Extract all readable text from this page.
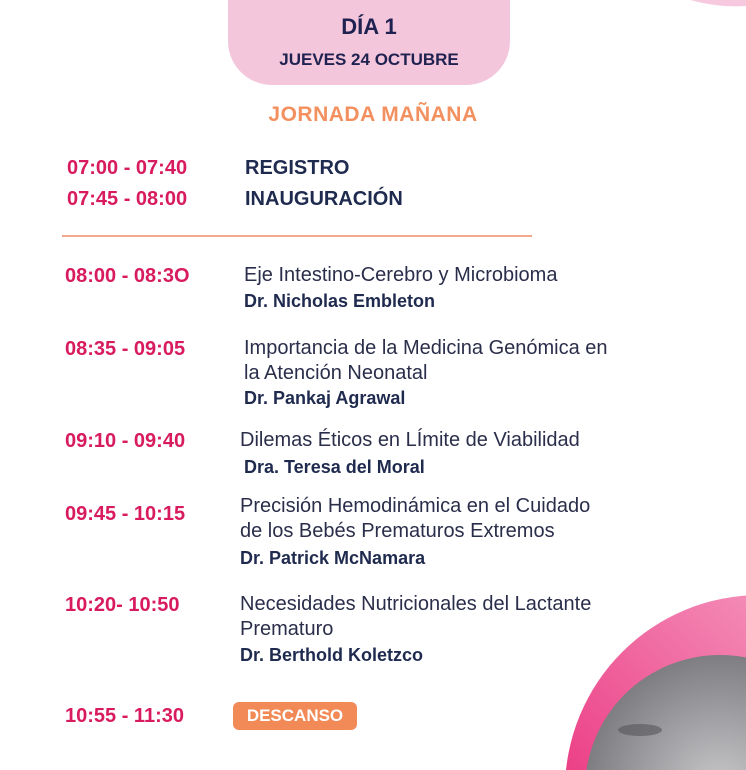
DÍA 1
JUEVES 24 OCTUBRE
JORNADA MAÑANA
07:00 - 07:40	REGISTRO
07:45 - 08:00	INAUGURACIÓN
08:00 - 08:3O	Eje Intestino-Cerebro y Microbioma
Dr. Nicholas Embleton
08:35 - 09:05	Importancia de la Medicina Genómica en
la Atención Neonatal
Dr. Pankaj Agrawal
09:10 - 09:40	Dilemas Éticos en LÍmite de Viabilidad
Dra. Teresa del Moral
09:45 - 10:15	Precisión Hemodinámica en el Cuidado
de los Bebés Prematuros Extremos
Dr. Patrick McNamara
10:20- 10:50	Necesidades Nutricionales del Lactante
Prematuro
Dr. Berthold Koletzco
10:55 - 11:30	DESCANSO
